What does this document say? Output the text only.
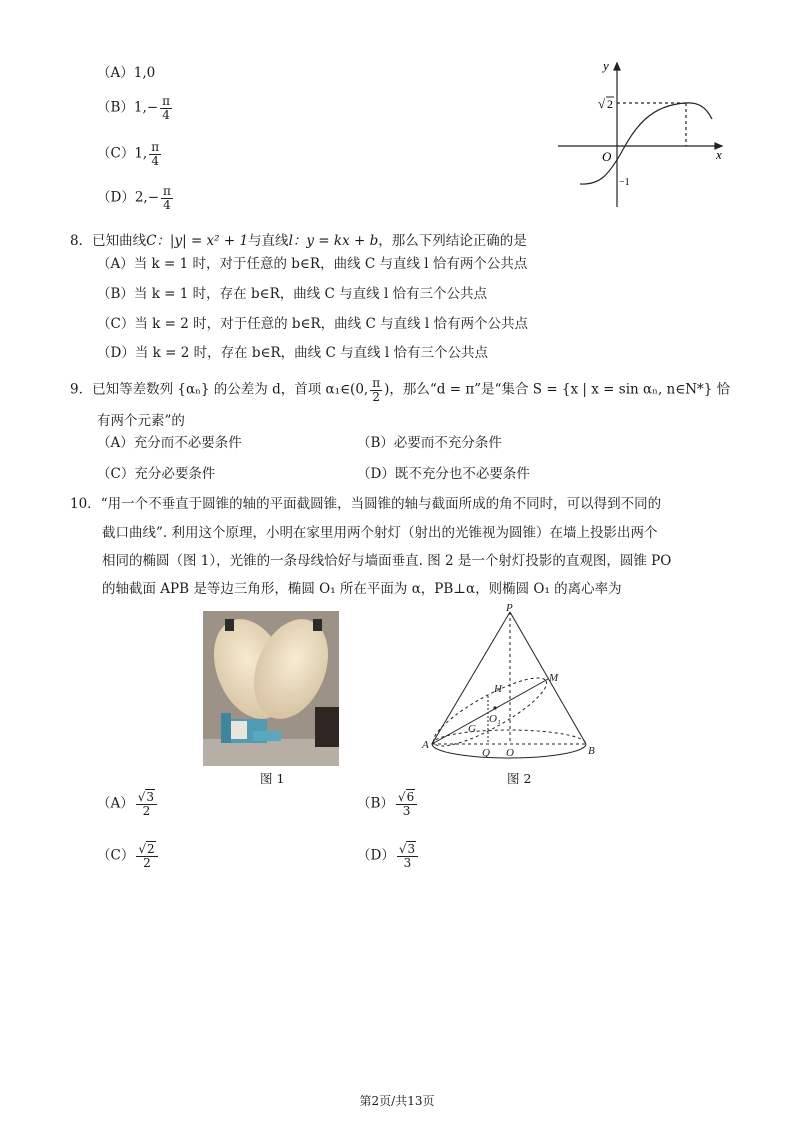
（A）1,0
$(B)1,- \frac{\pi}{4}$
（C）1, $\frac{\pi}{4}$
$(D)2,- \frac{\pi}{4}$
y
x
O
√ 2
−1
8．已知曲线C：|y| = x² + 1与直线l：y = kx + b，那么下列结论正确的是
（A）当 k = 1 时，对于任意的 b∈R，曲线 C 与直线 l 恰有两个公共点
（B）当 k = 1 时，存在 b∈R，曲线 C 与直线 l 恰有三个公共点
（C）当 k = 2 时，对于任意的 b∈R，曲线 C 与直线 l 恰有两个公共点
（D）当 k = 2 时，存在 b∈R，曲线 C 与直线 l 恰有三个公共点
9．已知等差数列 {αₙ} 的公差为 d，首项 α₁∈(0, $\frac{\pi}{2}$ )，那么“d = π”是“集合 S = {x | x = sin αₙ, n∈N*} 恰
有两个元素”的
（A）充分而不必要条件	（B）必要而不充分条件
（C）充分必要条件	（D）既不充分也不必要条件
10．“用一个不垂直于圆锥的轴的平面截圆锥，当圆锥的轴与截面所成的角不同时，可以得到不同的
截口曲线”. 利用这个原理，小明在家里用两个射灯（射出的光锥视为圆锥）在墙上投影出两个
相同的椭圆（图 1），光锥的一条母线恰好与墙面垂直. 图 2 是一个射灯投影的直观图，圆锥 PO
的轴截面 APB 是等边三角形，椭圆 O₁ 所在平面为 α，PB⊥α，则椭圆 O₁ 的离心率为
图 1
P
M
H
O₁
G
A	B
Q O
图 2
$(A) \frac{√3}{2}$	$(B) \frac{√6}{3}$
$(C) \frac{√2}{2}$	$(D) \frac{√3}{3}$
第2页/共13页
